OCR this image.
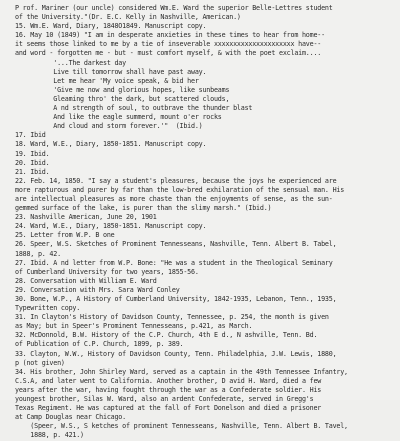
P rof. Mariner (our uncle) considered Wm.E. Ward the superior Belle-Lettres student
of the University."(Dr. E.C. Kelly in Nashville, American.)
15. Wm.E. Ward, Diary, 1848O1849. Manuscript copy.
16. May 10 (1849) "I am in desperate anxieties in these times to hear from home--
it seems those linked to me by a tie of inseverable xxxxxxxxxxxxxxxxxxxxx have--
and word - forgotten me - but - must comfort myself, & with the poet exclaim....
'...The darkest day
Live till tomorrow shall have past away.
Let me hear 'My voice speak, & bid her
'Give me now and glorious hopes, like sunbeams
Gleaming thro' the dark, but scattered clouds,
A nd strength of soul, to outbrave the thunder blast
And like the eagle summerd, mount o'er rocks
And cloud and storm forever.'"  (Ibid.)
17. Ibid
18. Ward, W.E., Diary, 1850-1851. Manuscript copy.
19. Ibid.
20. Ibid.
21. Ibid.
22. Feb. 14, 1850. "I say a student's pleasures, because the joys he experienced are
more rapturous and purer by far than the low-bred exhilaration of the sensual man. His
are intellectual pleasures as more chaste than the enjoyments of sense, as the sun-
gemmed surface of the lake, is purer than the slimy marsh." (Ibid.)
23. Nashville American, June 20, 1901
24. Ward, W.E., Diary, 1850-1851. Manuscript copy.
25. Letter from W.P. B one
26. Speer, W.S. Sketches of Prominent Tennesseans, Nashville, Tenn. Albert B. Tabel,
1888, p. 42.
27. Ibid. A nd letter from W.P. Bone: "He was a student in the Theological Seminary
of Cumberland University for two years, 1855-56.
28. Conversation with William E. Ward
29. Conversation with Mrs. Sara Ward Conley
30. Bone, W.P., A History of Cumberland University, 1842-1935, Lebanon, Tenn., 1935,
Typewritten copy.
31. In Clayton's History of Davidson County, Tennessee, p. 254, the month is given
as May; but in Speer's Prominent Tennesseans, p.421, as March.
32. McDonnold, B.W. History of the C.P. Church, 4th E d., N ashville, Tenn. Bd.
of Publication of C.P. Church, 1899, p. 389.
33. Clayton, W.W., History of Davidson County, Tenn. Philadelphia, J.W. Lewis, 1880,
p (not given)
34. His brother, John Shirley Ward, served as a captain in the 49th Tennessee Infantry,
C.S.A, and later went to California. Another brother, D avid H. Ward, died a few
years after the war, having fought through the war as a Confederate soldier. His
youngest brother, Silas W. Ward, also an ardent Confederate, served in Gregg's
Texas Regiment. He was captured at the fall of Fort Donelson and died a prisoner
at Camp Douglas near Chicago.
(Speer, W.S., S ketches of prominent Tennesseans, Nashville, Tenn. Albert B. Tavel,
1888, p. 421.)
